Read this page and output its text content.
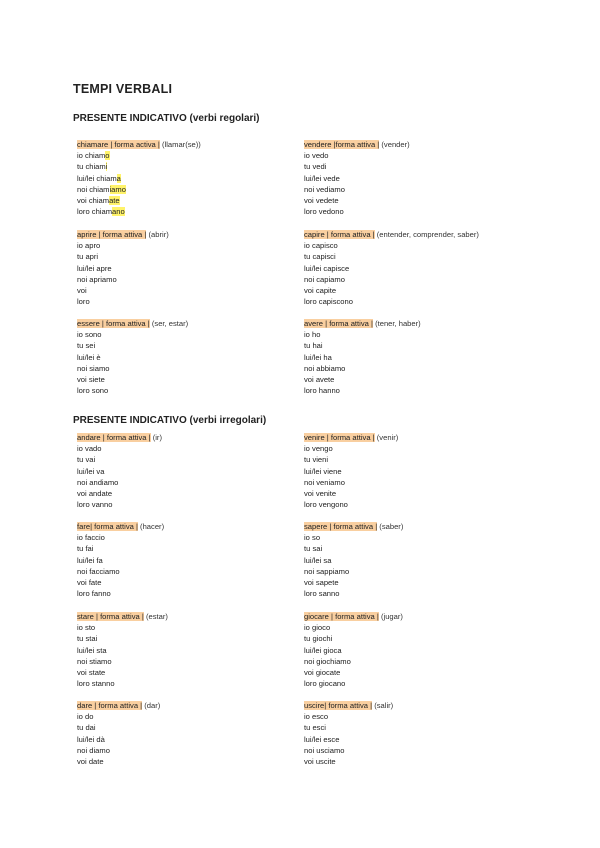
TEMPI VERBALI
PRESENTE INDICATIVO (verbi regolari)
chiamare | forma activa | (llamar(se))
io chiamo
tu chiami
lui/lei chiama
noi chiamiamo
voi chiamate
loro chiamano
vendere |forma attiva | (vender)
io vedo
tu vedi
lui/lei vede
noi vediamo
voi vedete
loro vedono
aprire | forma attiva | (abrir)
io apro
tu apri
lui/lei apre
noi apriamo
voi
loro
capire | forma attiva | (entender, comprender, saber)
io capisco
tu capisci
lui/lei capisce
noi capiamo
voi capite
loro capiscono
essere | forma attiva | (ser, estar)
io sono
tu sei
lui/lei è
noi siamo
voi siete
loro sono
avere | forma attiva | (tener, haber)
io ho
tu hai
lui/lei ha
noi abbiamo
voi avete
loro hanno
PRESENTE INDICATIVO (verbi irregolari)
andare | forma attiva | (ir)
io vado
tu vai
lui/lei va
noi andiamo
voi andate
loro vanno
venire | forma attiva | (venir)
io vengo
tu vieni
lui/lei viene
noi veniamo
voi venite
loro vengono
fare| forma attiva | (hacer)
io faccio
tu fai
lui/lei fa
noi facciamo
voi fate
loro fanno
sapere | forma attiva | (saber)
io so
tu sai
lui/lei sa
noi sappiamo
voi sapete
loro sanno
stare | forma attiva | (estar)
io sto
tu stai
lui/lei sta
noi stiamo
voi state
loro stanno
giocare | forma attiva | (jugar)
io gioco
tu giochi
lui/lei gioca
noi giochiamo
voi giocate
loro giocano
dare | forma attiva | (dar)
io do
tu dai
lui/lei dà
noi diamo
voi date
uscire| forma attiva | (salir)
io esco
tu esci
lui/lei esce
noi usciamo
voi uscite
